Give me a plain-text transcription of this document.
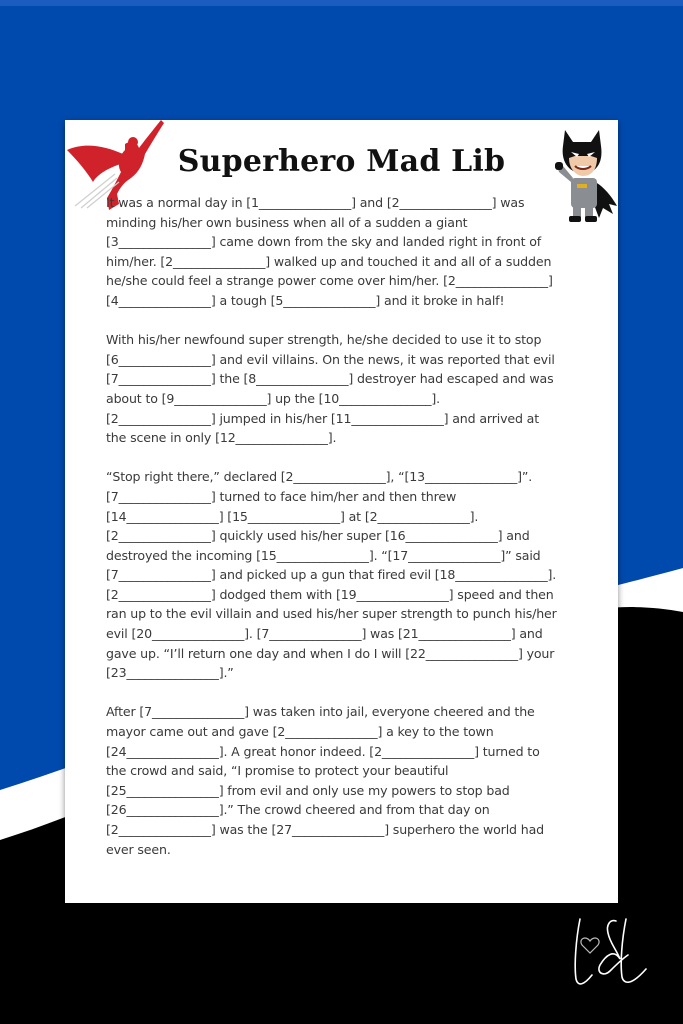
Superhero Mad Lib
It was a normal day in [1_______________] and [2_______________] was
minding his/her own business when all of a sudden a giant
[3_______________] came down from the sky and landed right in front of
him/her. [2_______________] walked up and touched it and all of a sudden
he/she could feel a strange power come over him/her. [2_______________]
[4_______________] a tough [5_______________] and it broke in half!
With his/her newfound super strength, he/she decided to use it to stop
[6_______________] and evil villains. On the news, it was reported that evil
[7_______________] the [8_______________] destroyer had escaped and was
about to [9_______________] up the [10_______________].
[2_______________] jumped in his/her [11_______________] and arrived at
the scene in only [12_______________].
“Stop right there,” declared [2_______________], “[13_______________]”.
[7_______________] turned to face him/her and then threw
[14_______________] [15_______________] at [2_______________].
[2_______________] quickly used his/her super [16_______________] and
destroyed the incoming [15_______________]. “[17_______________]” said
[7_______________] and picked up a gun that fired evil [18_______________].
[2_______________] dodged them with [19_______________] speed and then
ran up to the evil villain and used his/her super strength to punch his/her
evil [20_______________]. [7_______________] was [21_______________] and
gave up. “I’ll return one day and when I do I will [22_______________] your
[23_______________].”
After [7_______________] was taken into jail, everyone cheered and the
mayor came out and gave [2_______________] a key to the town
[24_______________]. A great honor indeed. [2_______________] turned to
the crowd and said, “I promise to protect your beautiful
[25_______________] from evil and only use my powers to stop bad
[26_______________].” The crowd cheered and from that day on
[2_______________] was the [27_______________] superhero the world had
ever seen.
